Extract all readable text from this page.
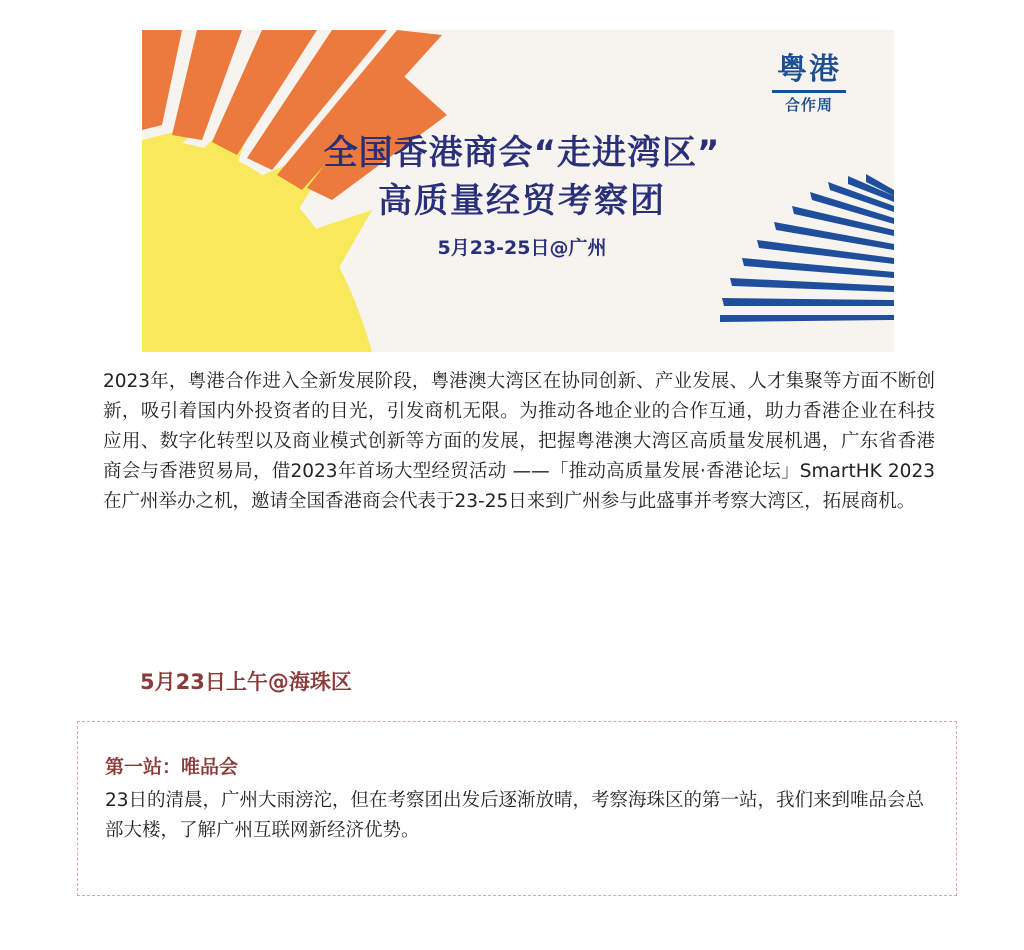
粤港
合作周
全国香港商会“走进湾区”
高质量经贸考察团
5月23-25日@广州

2023年，粤港合作进入全新发展阶段，粤港澳大湾区在协同创新、产业发展、人才集聚等方面不断创新，吸引着国内外投资者的目光，引发商机无限。为推动各地企业的合作互通，助力香港企业在科技应用、数字化转型以及商业模式创新等方面的发展，把握粤港澳大湾区高质量发展机遇，广东省香港商会与香港贸易局，借2023年首场大型经贸活动 ——「推动高质量发展·香港论坛」SmartHK 2023在广州举办之机，邀请全国香港商会代表于23-25日来到广州参与此盛事并考察大湾区，拓展商机。

5月23日上午@海珠区
第一站：唯品会

23日的清晨，广州大雨滂沱，但在考察团出发后逐渐放晴，考察海珠区的第一站，我们来到唯品会总部大楼，了解广州互联网新经济优势。
